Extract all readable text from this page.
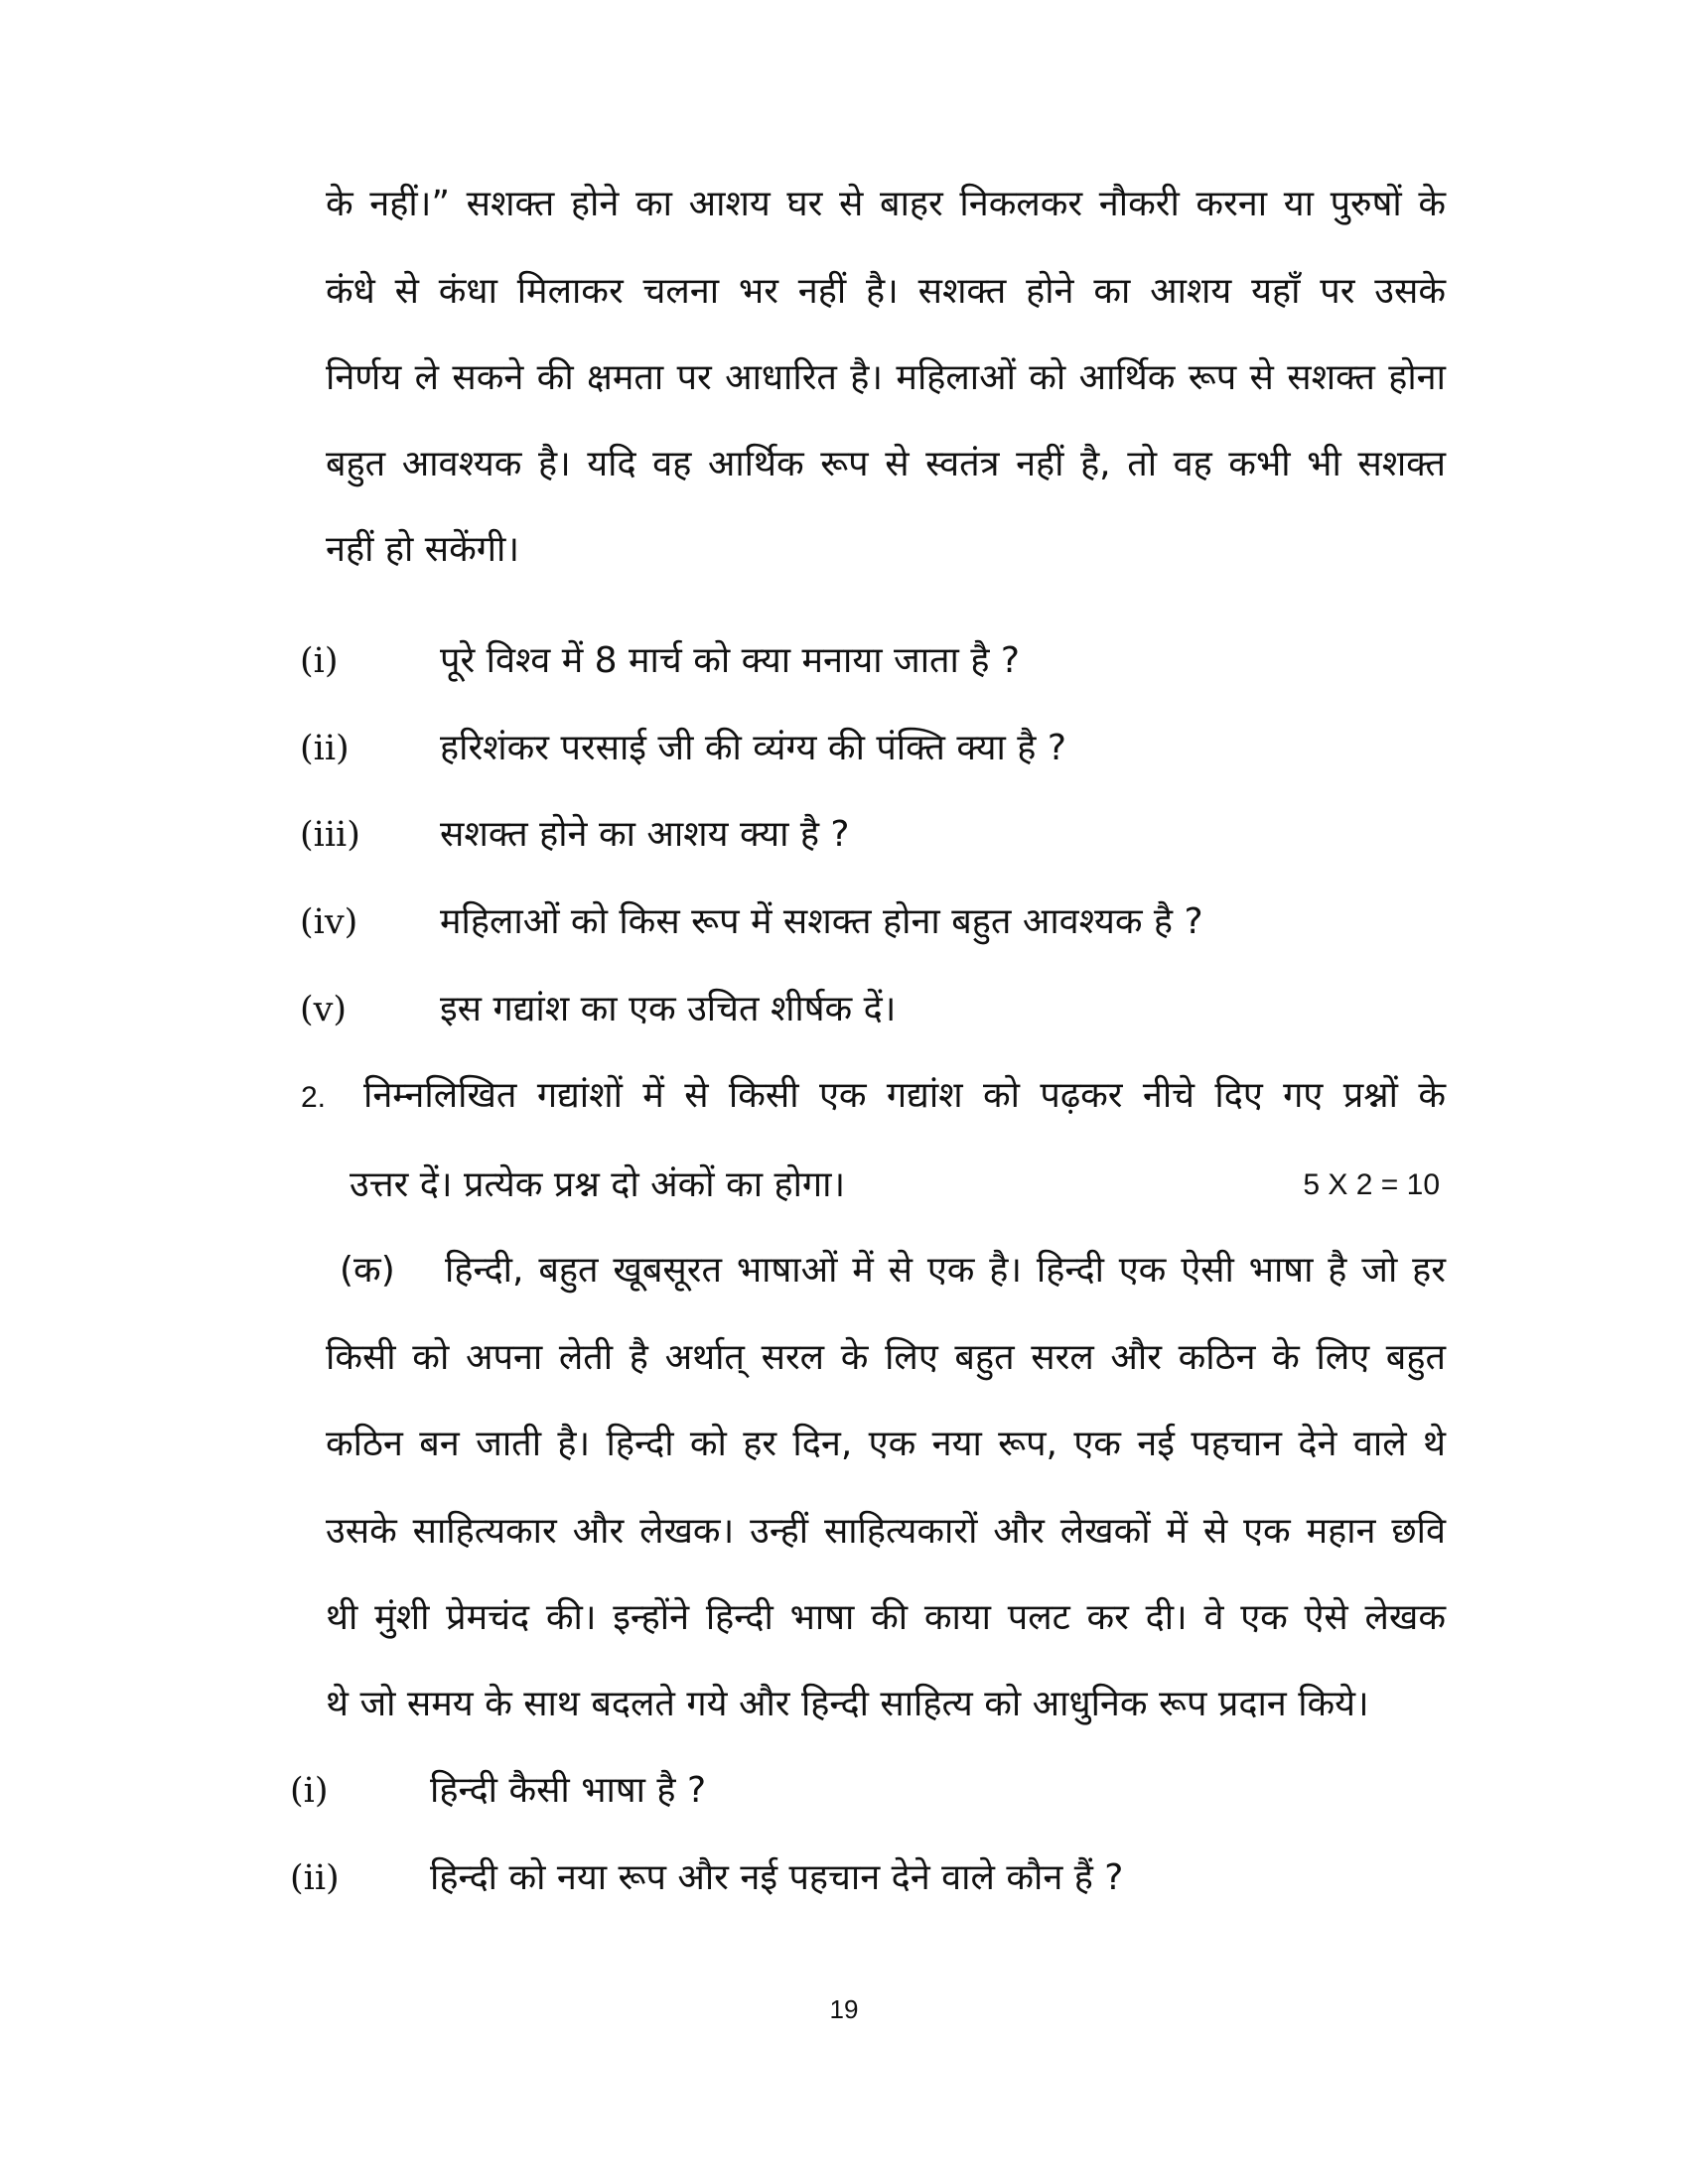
के नहीं।” सशक्त होने का आशय घर से बाहर निकलकर नौकरी करना या पुरुषों के
कंधे से कंधा मिलाकर चलना भर नहीं है। सशक्त होने का आशय यहाँ पर उसके
निर्णय ले सकने की क्षमता पर आधारित है। महिलाओं को आर्थिक रूप से सशक्त होना
बहुत आवश्यक है। यदि वह आर्थिक रूप से स्वतंत्र नहीं है, तो वह कभी भी सशक्त
नहीं हो सकेंगी।
(i)	पूरे विश्व में 8 मार्च को क्या मनाया जाता है ?
(ii)	हरिशंकर परसाई जी की व्यंग्य की पंक्ति क्या है ?
(iii) सशक्त होने का आशय क्या है ?
(iv) महिलाओं को किस रूप में सशक्त होना बहुत आवश्यक है ?
(v)	इस गद्यांश का एक उचित शीर्षक दें।
2. निम्नलिखित गद्यांशों में से किसी एक गद्यांश को पढ़कर नीचे दिए गए प्रश्नों के
उत्तर दें। प्रत्येक प्रश्न दो अंकों का होगा।	5 X 2 = 10
(क)	हिन्दी, बहुत खूबसूरत भाषाओं में से एक है। हिन्दी एक ऐसी भाषा है जो हर
किसी को अपना लेती है अर्थात् सरल के लिए बहुत सरल और कठिन के लिए बहुत
कठिन बन जाती है। हिन्दी को हर दिन, एक नया रूप, एक नई पहचान देने वाले थे
उसके साहित्यकार और लेखक। उन्हीं साहित्यकारों और लेखकों में से एक महान छवि
थी मुंशी प्रेमचंद की। इन्होंने हिन्दी भाषा की काया पलट कर दी। वे एक ऐसे लेखक
थे जो समय के साथ बदलते गये और हिन्दी साहित्य को आधुनिक रूप प्रदान किये।
(i)	हिन्दी कैसी भाषा है ?
(ii)	हिन्दी को नया रूप और नई पहचान देने वाले कौन हैं ?
19
